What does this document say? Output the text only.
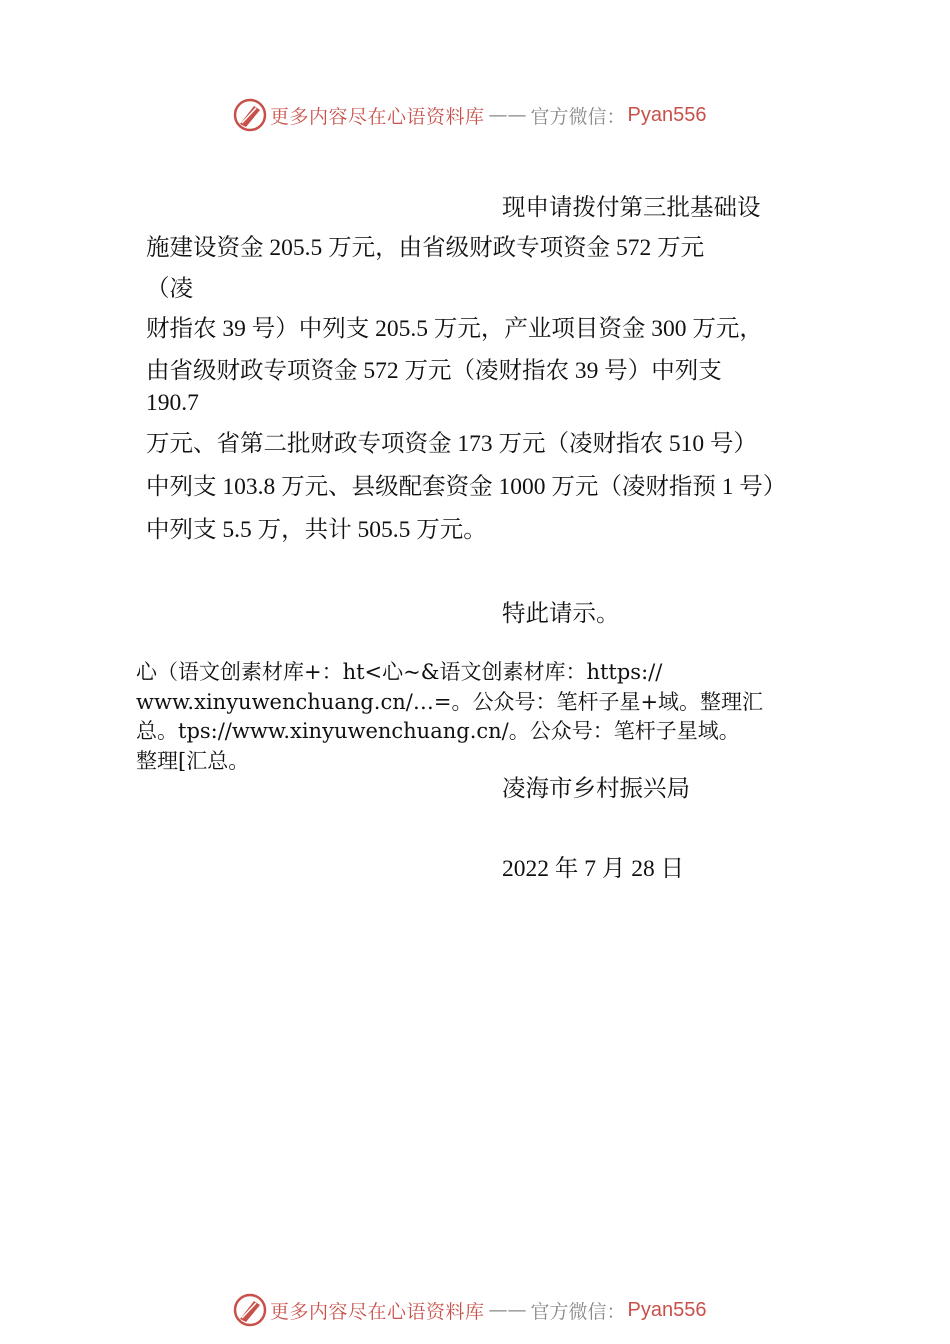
更多内容尽在心语资料库 —— 官方微信： Pyan556
现申请拨付第三批基础设
施建设资金 205.5 万元，由省级财政专项资金 572 万元
（凌
财指农 39 号）中列支 205.5 万元，产业项目资金 300 万元，
由省级财政专项资金 572 万元（凌财指农 39 号）中列支
190.7
万元、省第二批财政专项资金 173 万元（凌财指农 510 号）
中列支 103.8 万元、县级配套资金 1000 万元（凌财指预 1 号）
中列支 5.5 万，共计 505.5 万元。
特此请示。
心（语文创素材库+：ht<心~&语文创素材库：https://
www.xinyuwenchuang.cn/…=。公众号：笔杆子星+域。整理汇
总。tps://www.xinyuwenchuang.cn/。公众号：笔杆子星域。
整理[汇总。
凌海市乡村振兴局
2022 年 7 月 28 日
更多内容尽在心语资料库 —— 官方微信： Pyan556
